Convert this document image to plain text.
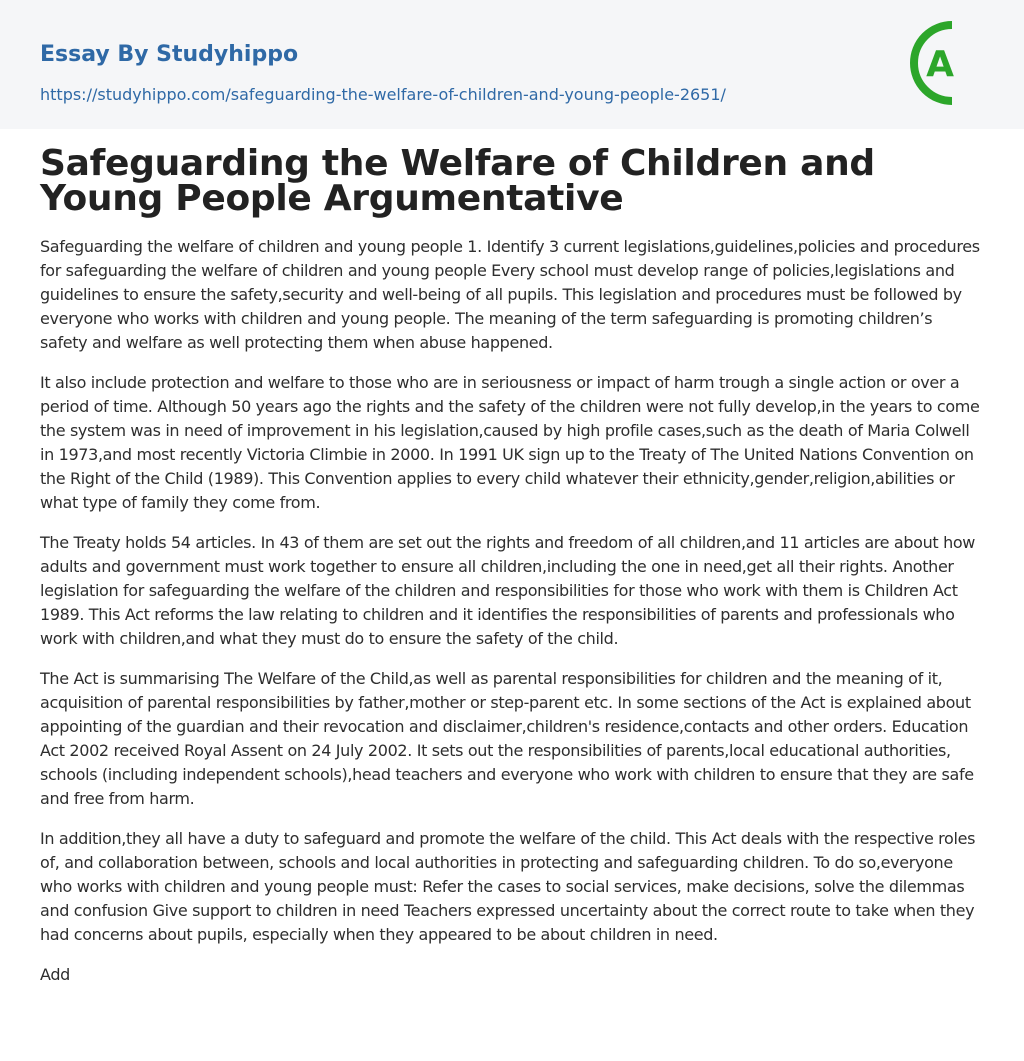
Essay By Studyhippo
https://studyhippo.com/safeguarding-the-welfare-of-children-and-young-people-2651/
A
Safeguarding the Welfare of Children and Young People Argumentative

Safeguarding the welfare of children and young people 1. Identify 3 current legislations,guidelines,policies and procedures for safeguarding the welfare of children and young people Every school must develop range of policies,legislations and guidelines to ensure the safety,security and well-being of all pupils. This legislation and procedures must be followed by everyone who works with children and young people. The meaning of the term safeguarding is promoting children’s safety and welfare as well protecting them when abuse happened.

It also include protection and welfare to those who are in seriousness or impact of harm trough a single action or over a period of time. Although 50 years ago the rights and the safety of the children were not fully develop,in the years to come the system was in need of improvement in his legislation,caused by high profile cases,such as the death of Maria Colwell in 1973,and most recently Victoria Climbie in 2000. In 1991 UK sign up to the Treaty of The United Nations Convention on the Right of the Child (1989). This Convention applies to every child whatever their ethnicity,gender,religion,abilities or what type of family they come from.

The Treaty holds 54 articles. In 43 of them are set out the rights and freedom of all children,and 11 articles are about how adults and government must work together to ensure all children,including the one in need,get all their rights. Another legislation for safeguarding the welfare of the children and responsibilities for those who work with them is Children Act 1989. This Act reforms the law relating to children and it identifies the responsibilities of parents and professionals who work with children,and what they must do to ensure the safety of the child.

The Act is summarising The Welfare of the Child,as well as parental responsibilities for children and the meaning of it, acquisition of parental responsibilities by father,mother or step-parent etc. In some sections of the Act is explained about appointing of the guardian and their revocation and disclaimer,children's residence,contacts and other orders. Education Act 2002 received Royal Assent on 24 July 2002. It sets out the responsibilities of parents,local educational authorities, schools (including independent schools),head teachers and everyone who work with children to ensure that they are safe and free from harm.

In addition,they all have a duty to safeguard and promote the welfare of the child. This Act deals with the respective roles of, and collaboration between, schools and local authorities in protecting and safeguarding children. To do so,everyone who works with children and young people must: Refer the cases to social services, make decisions, solve the dilemmas and confusion Give support to children in need Teachers expressed uncertainty about the correct route to take when they had concerns about pupils, especially when they appeared to be about children in need.

Add
